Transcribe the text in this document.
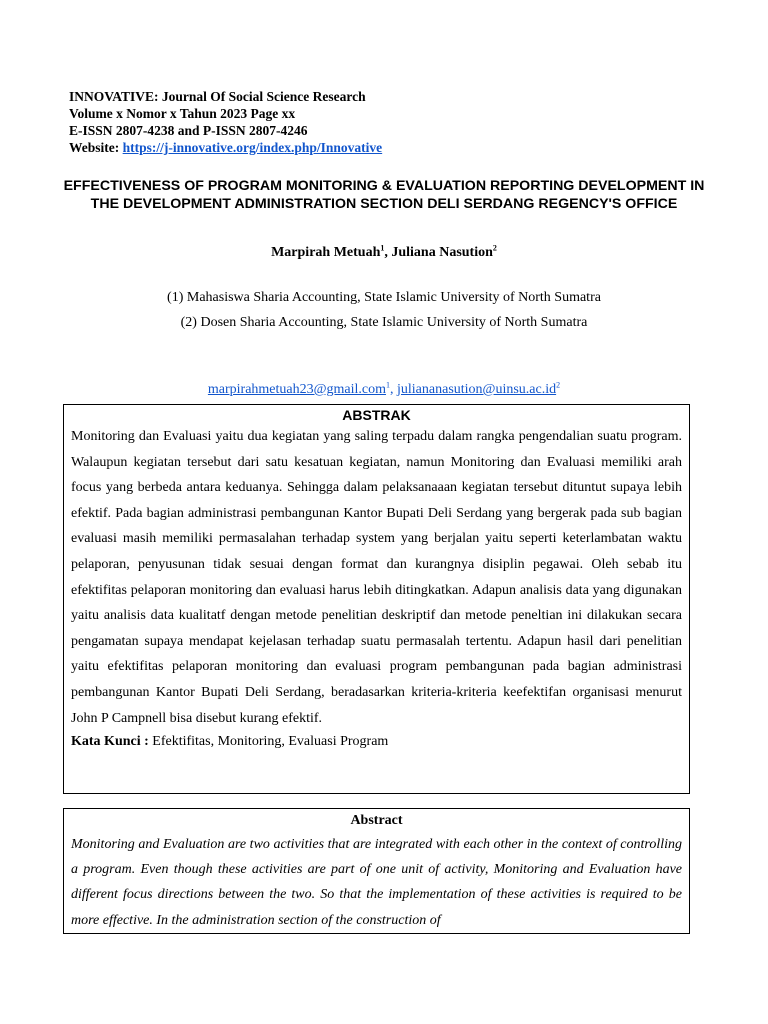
INNOVATIVE: Journal Of Social Science Research
Volume x Nomor x Tahun 2023 Page xx
E-ISSN 2807-4238 and P-ISSN 2807-4246
Website: https://j-innovative.org/index.php/Innovative
EFFECTIVENESS OF PROGRAM MONITORING & EVALUATION REPORTING DEVELOPMENT IN THE DEVELOPMENT ADMINISTRATION SECTION DELI SERDANG REGENCY'S OFFICE
Marpirah Metuah$^1$, Juliana Nasution$^2$
(1) Mahasiswa Sharia Accounting, State Islamic University of North Sumatra
(2) Dosen Sharia Accounting, State Islamic University of North Sumatra
marpirahmetuah23@gmail.com$^1$, $juliananasution@uinsu.ac.id^2$
ABSTRAK

Monitoring dan Evaluasi yaitu dua kegiatan yang saling terpadu dalam rangka pengendalian suatu program. Walaupun kegiatan tersebut dari satu kesatuan kegiatan, namun Monitoring dan Evaluasi memiliki arah focus yang berbeda antara keduanya. Sehingga dalam pelaksanaaan kegiatan tersebut dituntut supaya lebih efektif. Pada bagian administrasi pembangunan Kantor Bupati Deli Serdang yang bergerak pada sub bagian evaluasi masih memiliki permasalahan terhadap system yang berjalan yaitu seperti keterlambatan waktu pelaporan, penyusunan tidak sesuai dengan format dan kurangnya disiplin pegawai. Oleh sebab itu efektifitas pelaporan monitoring dan evaluasi harus lebih ditingkatkan. Adapun analisis data yang digunakan yaitu analisis data kualitatf dengan metode penelitian deskriptif dan metode peneltian ini dilakukan secara pengamatan supaya mendapat kejelasan terhadap suatu permasalah tertentu. Adapun hasil dari penelitian yaitu efektifitas pelaporan monitoring dan evaluasi program pembangunan pada bagian administrasi pembangunan Kantor Bupati Deli Serdang, beradasarkan kriteria-kriteria keefektifan organisasi menurut John P Campnell bisa disebut kurang efektif.

Kata Kunci : Efektifitas, Monitoring, Evaluasi Program
Abstract

Monitoring and Evaluation are two activities that are integrated with each other in the context of controlling a program. Even though these activities are part of one unit of activity, Monitoring and Evaluation have different focus directions between the two. So that the implementation of these activities is required to be more effective. In the administration section of the construction of
